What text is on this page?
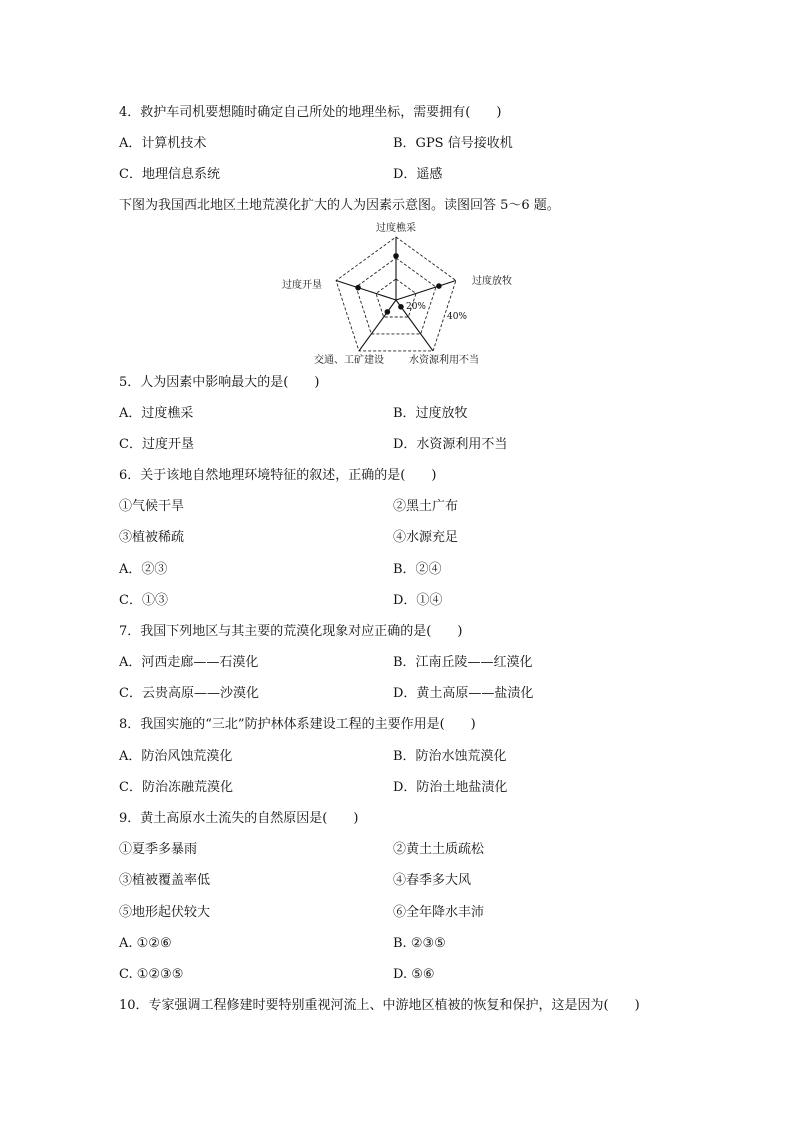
4．救护车司机要想随时确定自己所处的地理坐标，需要拥有(　　)
A．计算机技术	B．GPS 信号接收机
C．地理信息系统	D．遥感
下图为我国西北地区土地荒漠化扩大的人为因素示意图。读图回答 5～6 题。
过度樵采
过度放牧
过度开垦
交通、工矿建设	水资源利用不当
20%
40%
5．人为因素中影响最大的是(　　)
A．过度樵采	B．过度放牧
C．过度开垦	D．水资源利用不当
6．关于该地自然地理环境特征的叙述，正确的是(　　)
①气候干旱	②黑土广布
③植被稀疏	④水源充足
A．②③	B．②④
C．①③	D．①④
7．我国下列地区与其主要的荒漠化现象对应正确的是(　　)
A．河西走廊——石漠化	B．江南丘陵——红漠化
C．云贵高原——沙漠化	D．黄土高原——盐渍化
8．我国实施的“三北”防护林体系建设工程的主要作用是(　　)
A．防治风蚀荒漠化	B．防治水蚀荒漠化
C．防治冻融荒漠化	D．防治土地盐渍化
9．黄土高原水土流失的自然原因是(　　)
①夏季多暴雨	②黄土土质疏松
③植被覆盖率低	④春季多大风
⑤地形起伏较大	⑥全年降水丰沛
A. ①②⑥	B. ②③⑤
C. ①②③⑤	D. ⑤⑥
10．专家强调工程修建时要特别重视河流上、中游地区植被的恢复和保护，这是因为(　　)
